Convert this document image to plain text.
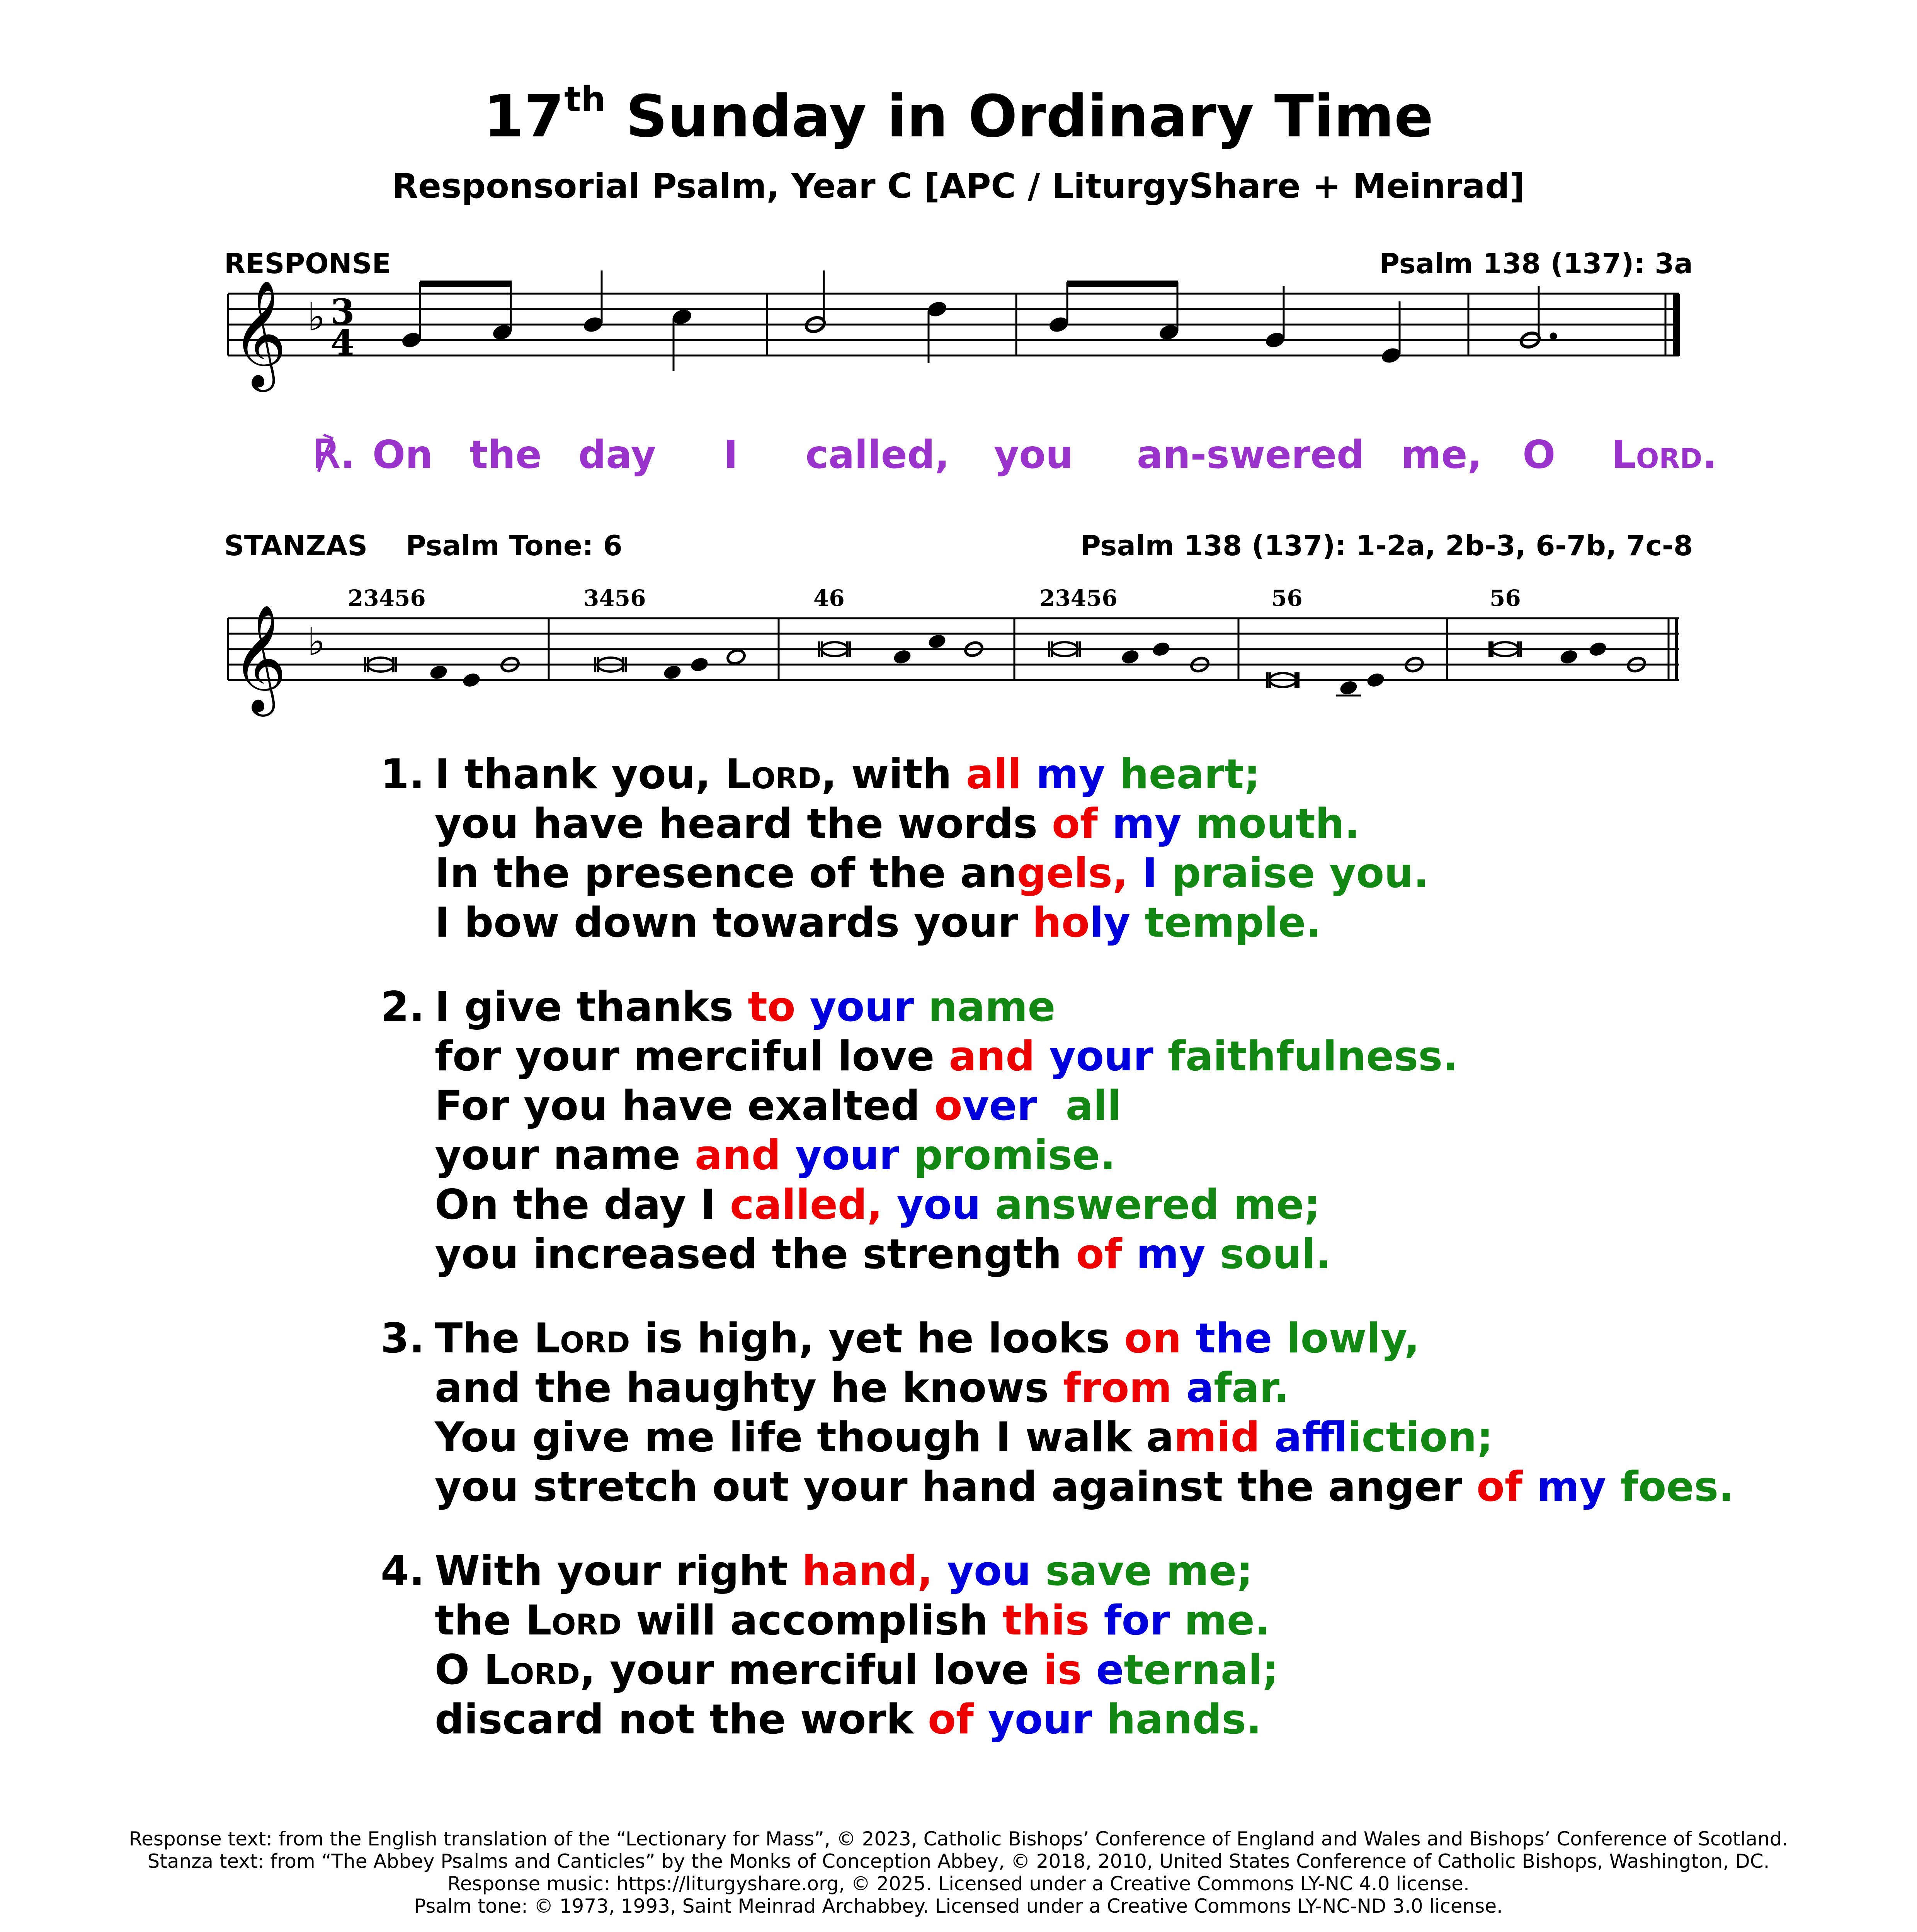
17th Sunday in Ordinary Time
Responsorial Psalm, Year C [APC / LiturgyShare + Meinrad]
RESPONSE	Psalm 138 (137): 3a
𝄞 ♭ 3
4
℟. On the day I called, you an-swered me, O Lord.
STANZAS Psalm Tone: 6	Psalm 138 (137): 1-2a, 2b-3, 6-7b, 7c-8
𝄞 ♭
23456	3456	46	23456	56	56
1. I thank you, Lord, with all my heart;
you have heard the words of my mouth.
In the presence of the angels, I praise you.
I bow down towards your holy temple.
2. I give thanks to your name
for your merciful love and your faithfulness.
For you have exalted over all
your name and your promise.
On the day I called, you answered me;
you increased the strength of my soul.
3. The Lord is high, yet he looks on the lowly,
and the haughty he knows from afar.
You give me life though I walk amid affliction;
you stretch out your hand against the anger of my foes.
4. With your right hand, you save me;
the Lord will accomplish this for me.
O Lord, your merciful love is eternal;
discard not the work of your hands.
Response text: from the English translation of the “Lectionary for Mass”, © 2023, Catholic Bishops’ Conference of England and Wales and Bishops’ Conference of Scotland.
Stanza text: from “The Abbey Psalms and Canticles” by the Monks of Conception Abbey, © 2018, 2010, United States Conference of Catholic Bishops, Washington, DC.
Response music: https://liturgyshare.org, © 2025. Licensed under a Creative Commons LY-NC 4.0 license.
Psalm tone: © 1973, 1993, Saint Meinrad Archabbey. Licensed under a Creative Commons LY-NC-ND 3.0 license.
